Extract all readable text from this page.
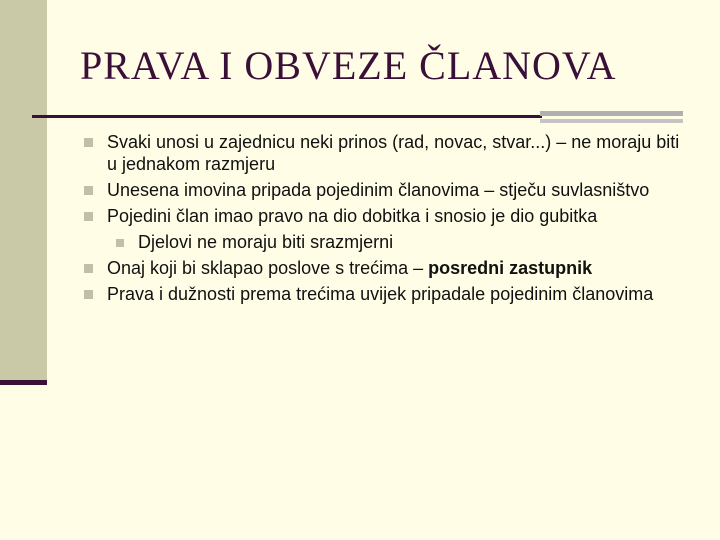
PRAVA I OBVEZE ČLANOVA
Svaki unosi u zajednicu neki prinos (rad, novac, stvar...) – ne moraju biti u jednakom razmjeru
Unesena imovina pripada pojedinim članovima – stječu suvlasništvo
Pojedini član imao pravo na dio dobitka i snosio je dio gubitka
Djelovi ne moraju biti srazmjerni
Onaj koji bi sklapao poslove s trećima – posredni zastupnik
Prava i dužnosti prema trećima uvijek pripadale pojedinim članovima
